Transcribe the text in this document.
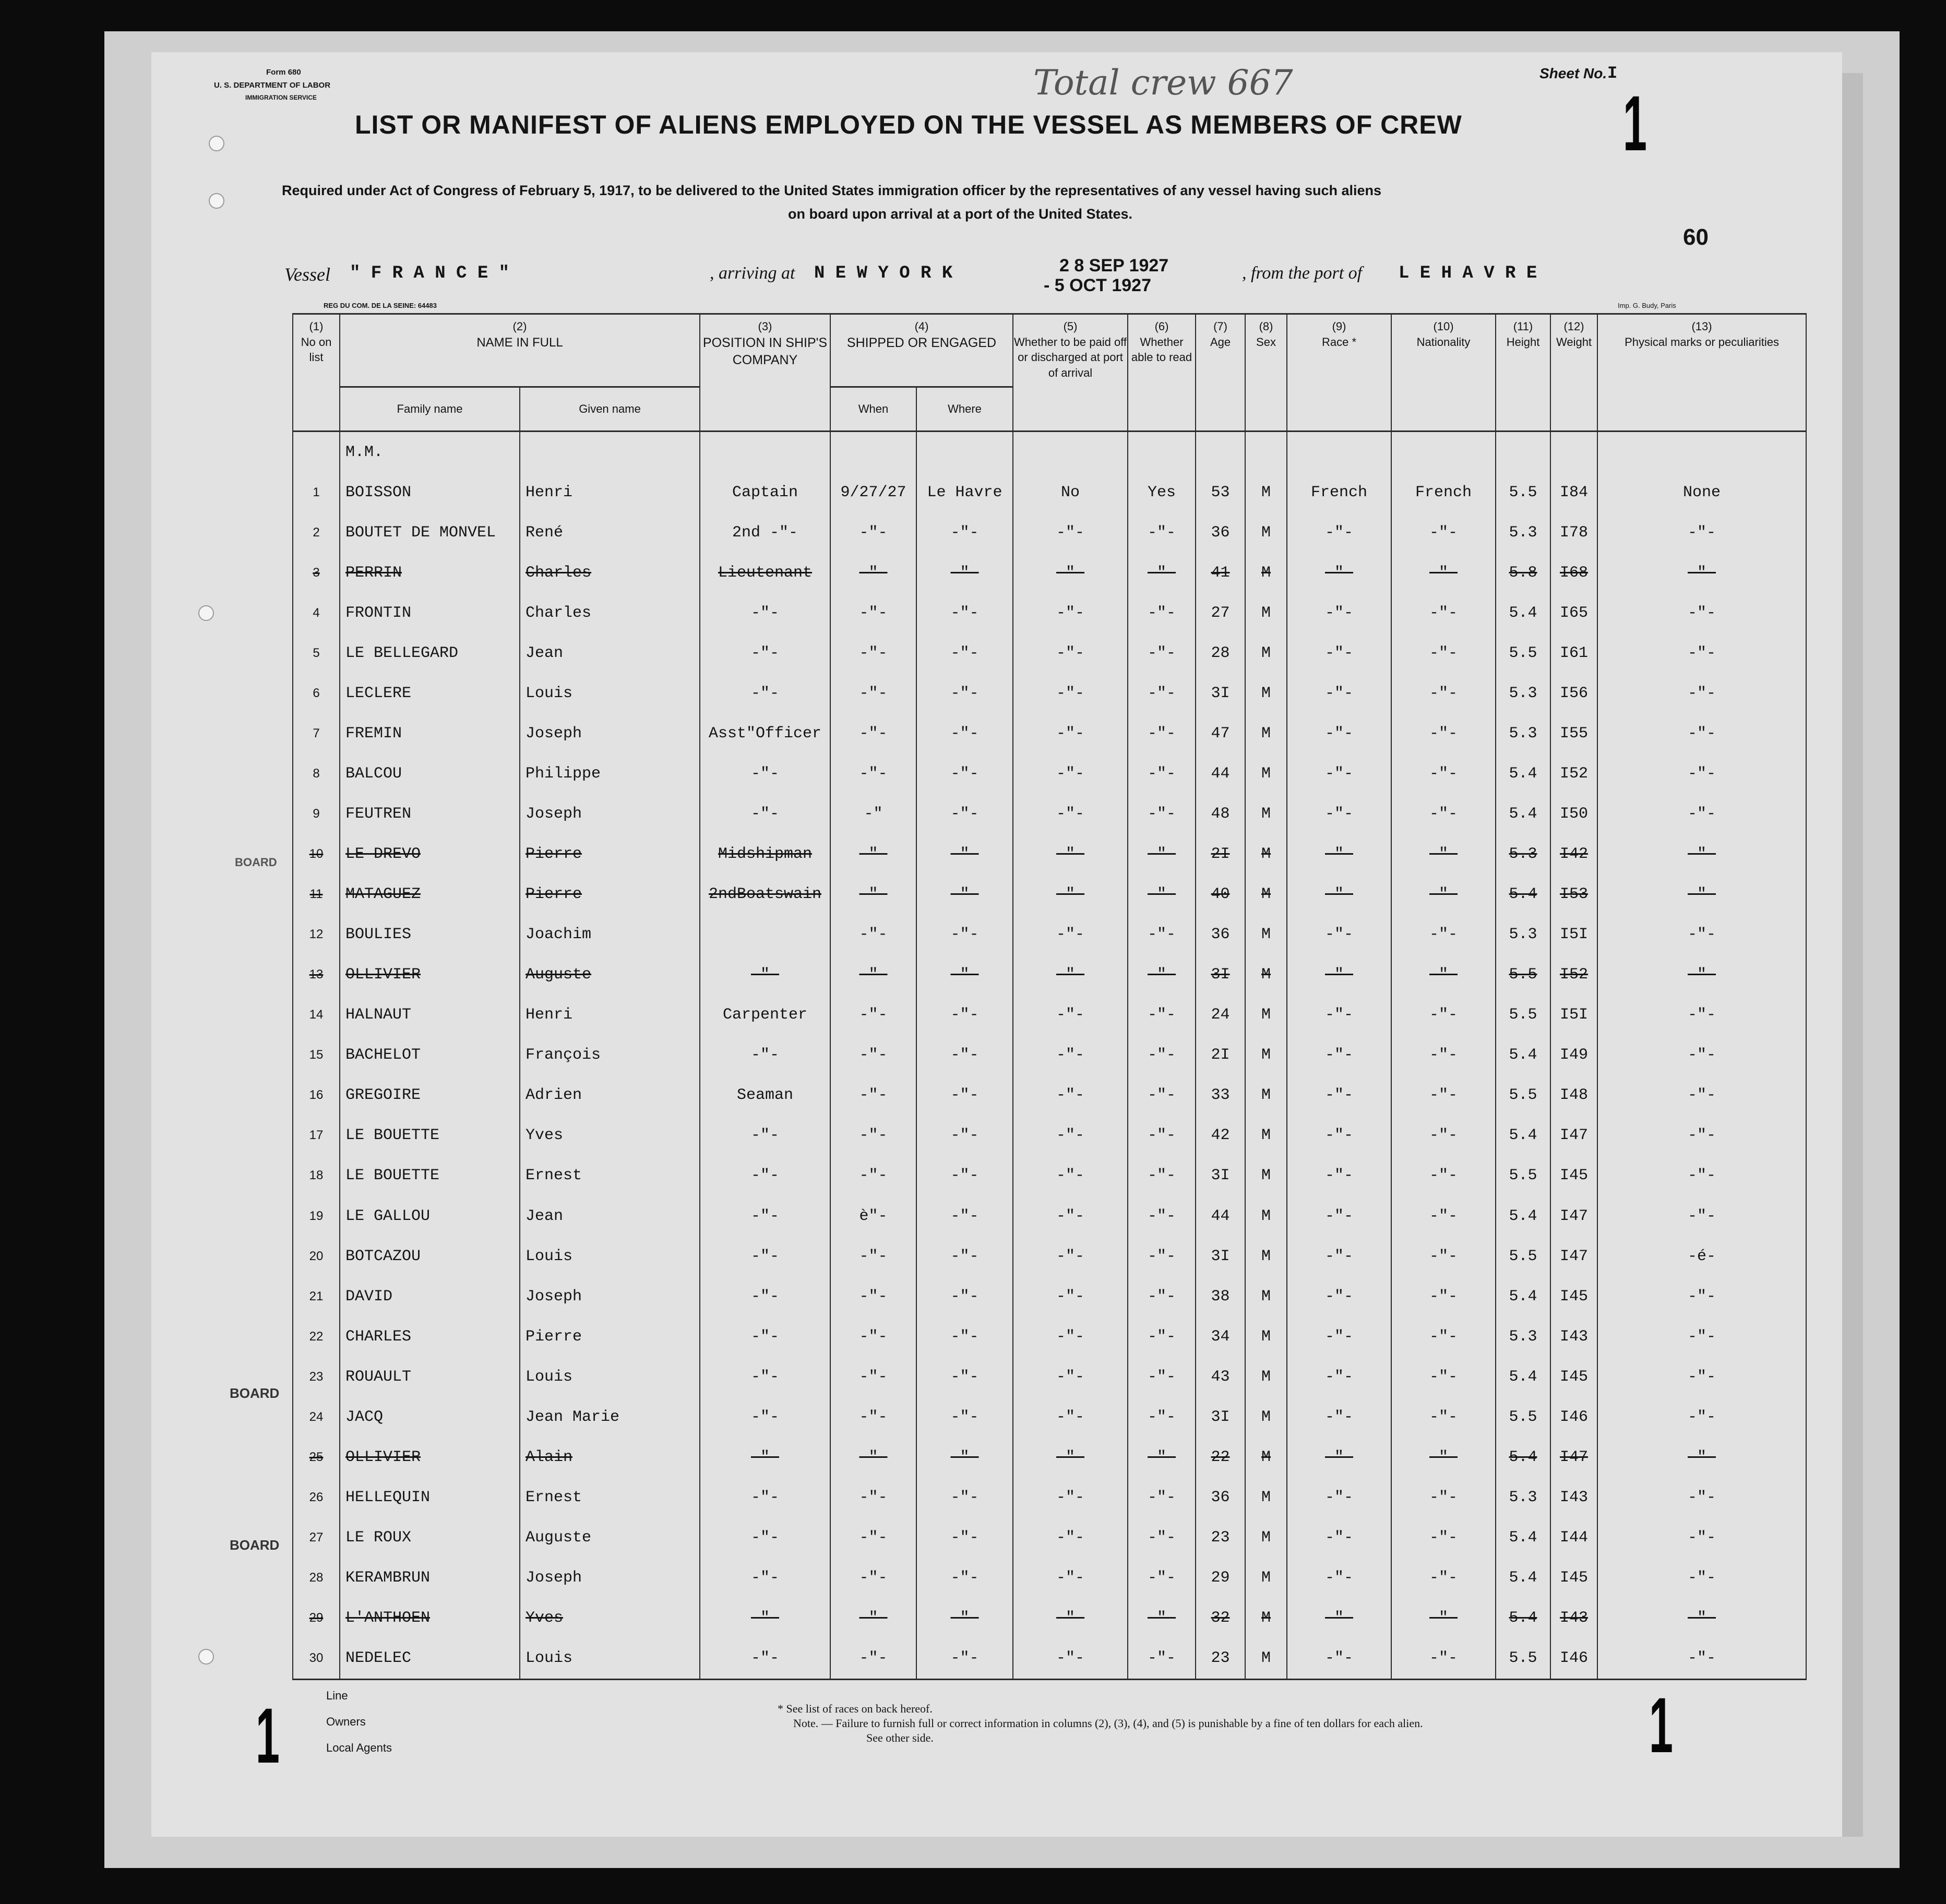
Form 680
U. S. DEPARTMENT OF LABOR
IMMIGRATION SERVICE	Total crew 667	Sheet No. I
1
LIST OR MANIFEST OF ALIENS EMPLOYED ON THE VESSEL AS MEMBERS OF CREW
Required under Act of Congress of February 5, 1917, to be delivered to the United States immigration officer by the representatives of any vessel having such aliens
on board upon arrival at a port of the United States.
60
Vessel " F R A N C E "	, arriving at N E W Y O R K	2 8 SEP 1927
- 5 OCT 1927
, from the port of L E H A V R E
REG DU COM. DE LA SEINE: 64483	Imp. G. Budy, Paris
(1)
No on list	(2)
NAME IN FULL		(3)
POSITION IN SHIP'S COMPANY	(4)
SHIPPED OR ENGAGED		(5)
Whether to be paid off or discharged at port of arrival	(6)
Whether able to read	(7)
Age	(8)
Sex	(9)
Race *	(10)
Nationality	(11)
Height	(12)
Weight	(13)
Physical marks or peculiarities
	Family name	Given name		When	Where									
	M.M.													
1	BOISSON	Henri	Captain	9/27/27	Le Havre	No	Yes	53	M	French	French	5.5	I84	None
2	BOUTET DE MONVEL	René	2nd -"-	-"-	-"-	-"-	-"-	36	M	-"-	-"-	5.3	I78	-"-
3	PERRIN	Charles	Lieutenant	-"-	-"-	-"-	-"-	41	M	-"-	-"-	5.8	I68	-"-
4	FRONTIN	Charles	-"-	-"-	-"-	-"-	-"-	27	M	-"-	-"-	5.4	I65	-"-
5	LE BELLEGARD	Jean	-"-	-"-	-"-	-"-	-"-	28	M	-"-	-"-	5.5	I61	-"-
6	LECLERE	Louis	-"-	-"-	-"-	-"-	-"-	3I	M	-"-	-"-	5.3	I56	-"-
7	FREMIN	Joseph	Asst"Officer	-"-	-"-	-"-	-"-	47	M	-"-	-"-	5.3	I55	-"-
8	BALCOU	Philippe	-"-	-"-	-"-	-"-	-"-	44	M	-"-	-"-	5.4	I52	-"-
9	FEUTREN	Joseph	-"-	-"	-"-	-"-	-"-	48	M	-"-	-"-	5.4	I50	-"-
10	LE DREVO	Pierre	Midshipman	-"-	-"-	-"-	-"-	2I	M	-"-	-"-	5.3	I42	-"-
11	MATAGUEZ	Pierre	2ndBoatswain	-"-	-"-	-"-	-"-	40	M	-"-	-"-	5.4	I53	-"-
12	BOULIES	Joachim		-"-	-"-	-"-	-"-	36	M	-"-	-"-	5.3	I5I	-"-
13	OLLIVIER	Auguste	-"-	-"-	-"-	-"-	-"-	3I	M	-"-	-"-	5.5	I52	-"-
14	HALNAUT	Henri	Carpenter	-"-	-"-	-"-	-"-	24	M	-"-	-"-	5.5	I5I	-"-
15	BACHELOT	François	-"-	-"-	-"-	-"-	-"-	2I	M	-"-	-"-	5.4	I49	-"-
16	GREGOIRE	Adrien	Seaman	-"-	-"-	-"-	-"-	33	M	-"-	-"-	5.5	I48	-"-
17	LE BOUETTE	Yves	-"-	-"-	-"-	-"-	-"-	42	M	-"-	-"-	5.4	I47	-"-
18	LE BOUETTE	Ernest	-"-	-"-	-"-	-"-	-"-	3I	M	-"-	-"-	5.5	I45	-"-
19	LE GALLOU	Jean	-"-	è"-	-"-	-"-	-"-	44	M	-"-	-"-	5.4	I47	-"-
20	BOTCAZOU	Louis	-"-	-"-	-"-	-"-	-"-	3I	M	-"-	-"-	5.5	I47	-é-
21	DAVID	Joseph	-"-	-"-	-"-	-"-	-"-	38	M	-"-	-"-	5.4	I45	-"-
22	CHARLES	Pierre	-"-	-"-	-"-	-"-	-"-	34	M	-"-	-"-	5.3	I43	-"-
23	ROUAULT	Louis	-"-	-"-	-"-	-"-	-"-	43	M	-"-	-"-	5.4	I45	-"-
24	JACQ	Jean Marie	-"-	-"-	-"-	-"-	-"-	3I	M	-"-	-"-	5.5	I46	-"-
25	OLLIVIER	Alain	-"-	-"-	-"-	-"-	-"-	22	M	-"-	-"-	5.4	I47	-"-
26	HELLEQUIN	Ernest	-"-	-"-	-"-	-"-	-"-	36	M	-"-	-"-	5.3	I43	-"-
27	LE ROUX	Auguste	-"-	-"-	-"-	-"-	-"-	23	M	-"-	-"-	5.4	I44	-"-
28	KERAMBRUN	Joseph	-"-	-"-	-"-	-"-	-"-	29	M	-"-	-"-	5.4	I45	-"-
29	L'ANTHOEN	Yves	-"-	-"-	-"-	-"-	-"-	32	M	-"-	-"-	5.4	I43	-"-
30	NEDELEC	Louis	-"-	-"-	-"-	-"-	-"-	23	M	-"-	-"-	5.5	I46	-"-
Line
Owners
Local Agents
* See list of races on back hereof.
Note. — Failure to furnish full or correct information in columns (2), (3), (4), and (5) is punishable by a fine of ten dollars for each alien.
See other side.
1	1
BOARD
BOARD
BOARD
